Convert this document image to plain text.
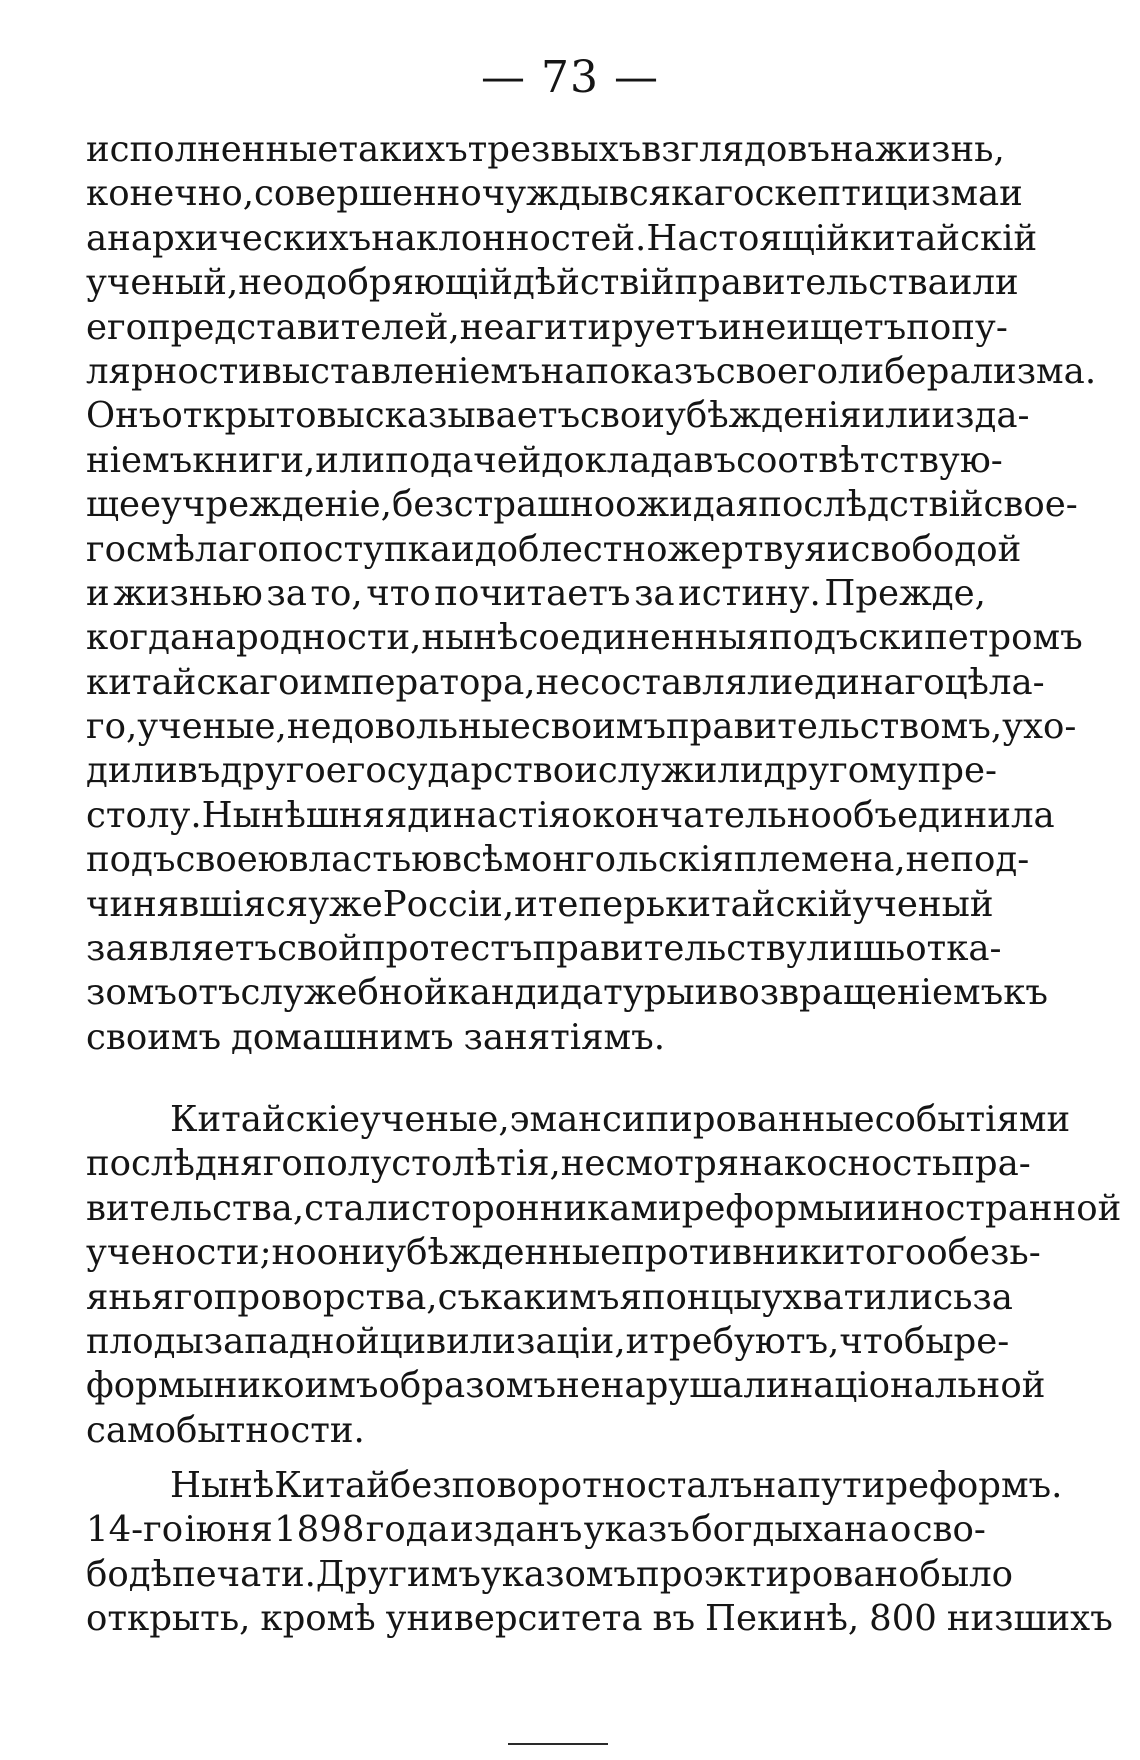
— 73 —
исполненные такихъ трезвыхъ взглядовъ на жизнь,
конечно, совершенно чужды всякаго скептицизма и
анархическихъ наклонностей. Настоящій китайскій
ученый, не одобряющій дѣйствій правительства или
его представителей, не агитируетъ и не ищетъ попу-
лярности выставленіемъ на показъ своего либерализма.
Онъ открыто высказываетъ свои убѣжденія или изда-
ніемъ книги, или подачей доклада въ соотвѣтствую-
щее учрежденіе, безстрашно ожидая послѣдствій свое-
го смѣлаго поступка и доблестно жертвуя и свободой
и жизнью за то, что почитаетъ за истину. Прежде,
когда народности, нынѣ соединенныя подъ скипетромъ
китайскаго императора, не составляли единаго цѣла-
го, ученые, недовольные своимъ правительствомъ, ухо-
дили въ другое государство и служили другому пре-
столу. Нынѣшняя династія окончательно объединила
подъ своею властью всѣ монгольскія племена, не под-
чинявшіяся уже Россіи, и теперь китайскій ученый
заявляетъ свой протестъ правительству лишь отка-
зомъ отъ служебной кандидатуры и возвращеніемъ къ
своимъ домашнимъ занятіямъ.
Китайскіе ученые, эмансипированные событіями
послѣдняго полустолѣтія, несмотря на косность пра-
вительства, стали сторонниками реформы и иностранной
учености; но они убѣжденные противники того обезь-
яньяго проворства, съ какимъ японцы ухватились за
плоды западной цивилизаціи, и требуютъ, чтобы ре-
формы никоимъ образомъ не нарушали національной
самобытности.
Нынѣ Китай безповоротно сталъ на пути реформъ.
14-го іюня 1898 года изданъ указъ богдыхана о сво-
бодѣ печати. Другимъ указомъ проэктировано было
открыть, кромѣ университета въ Пекинѣ, 800 низшихъ
